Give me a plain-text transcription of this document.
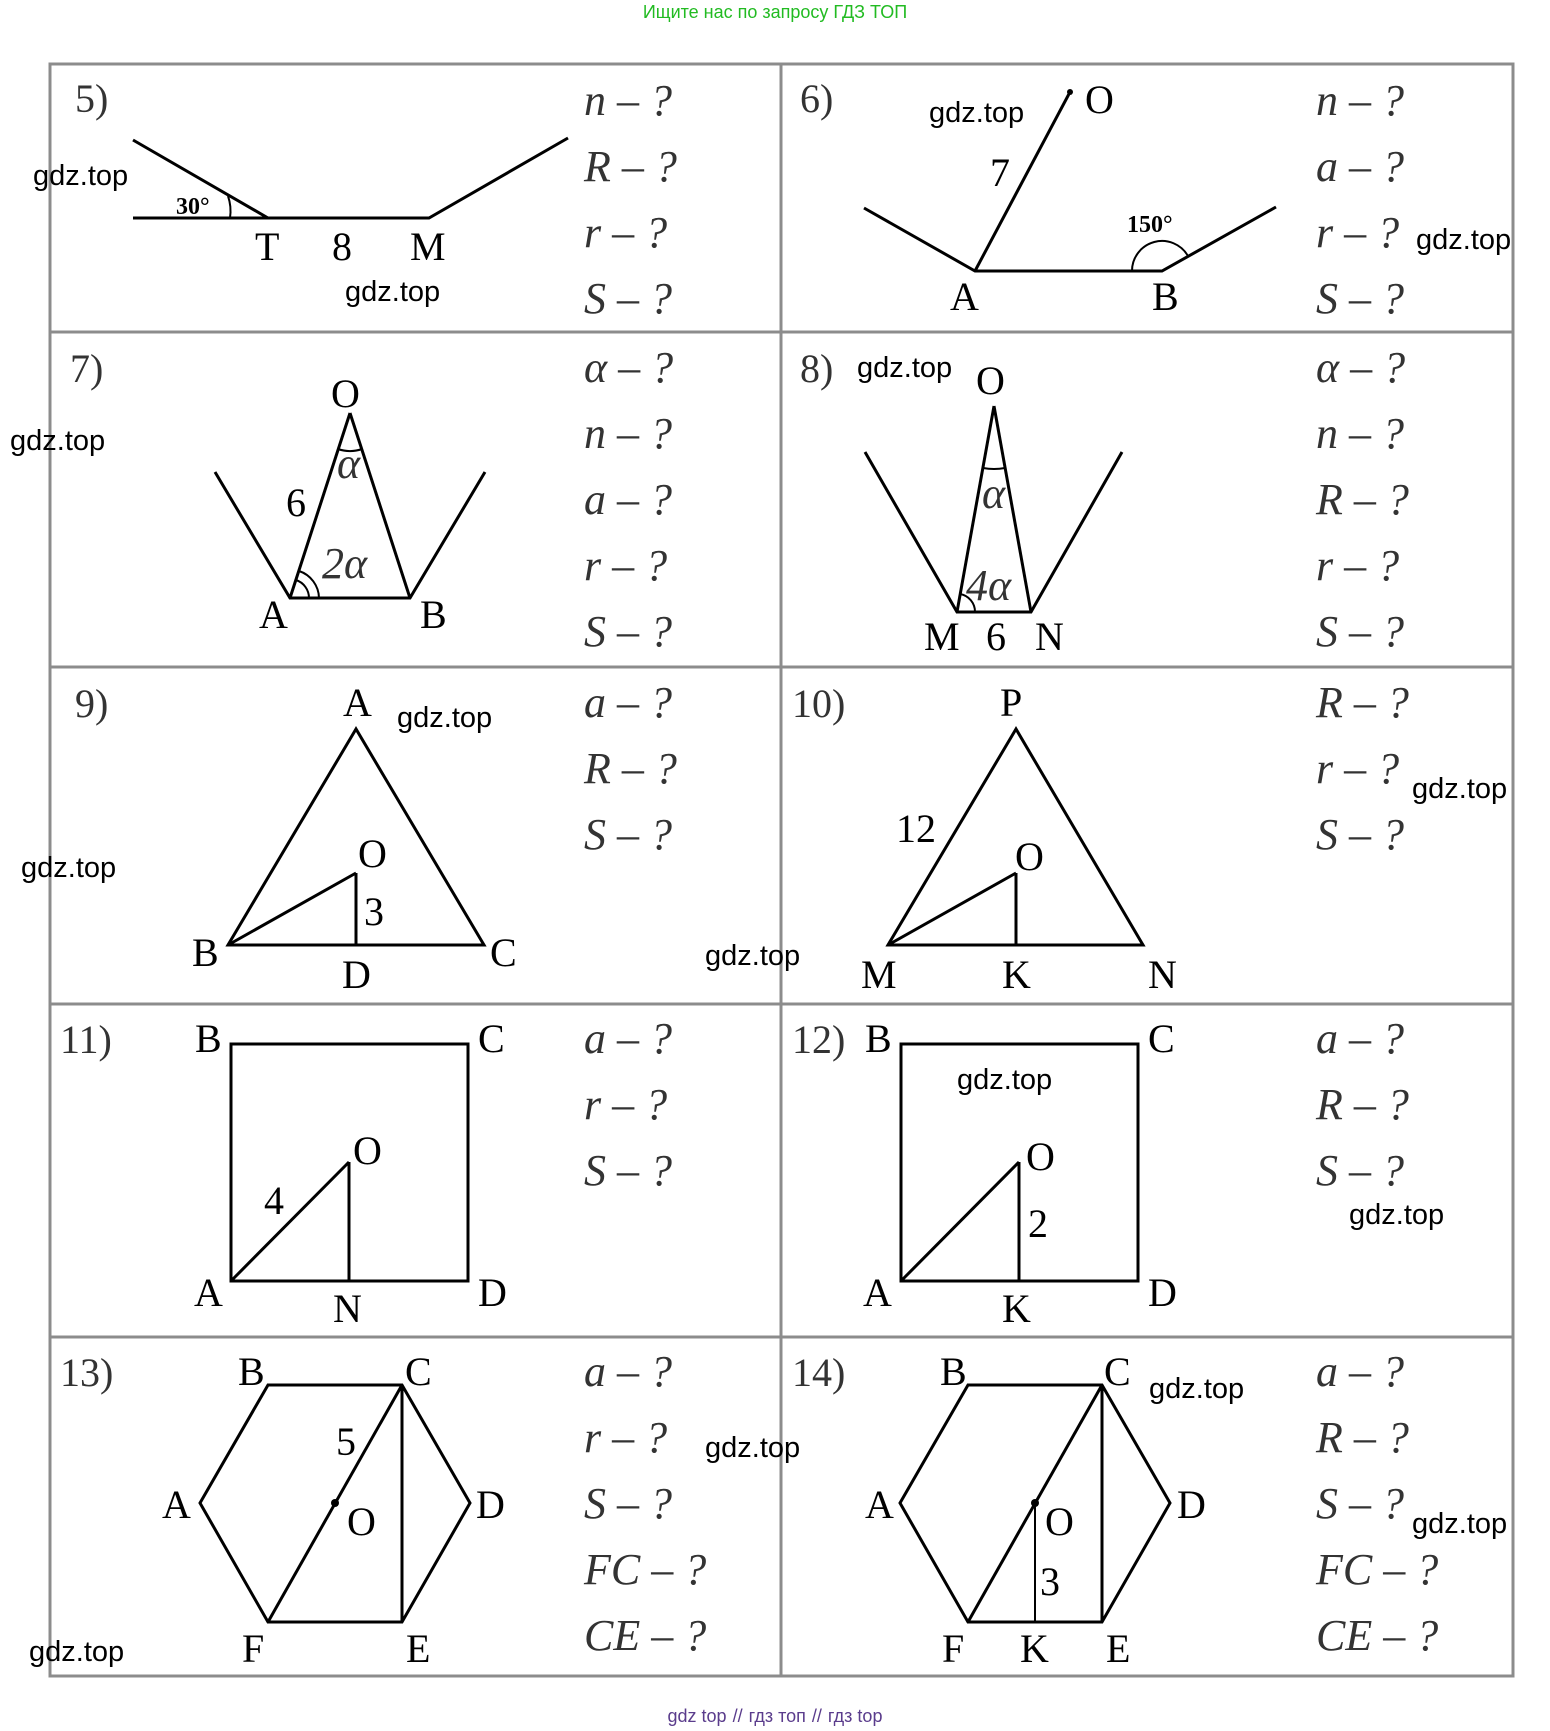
Ищите нас по запросу ГДЗ ТОП
5)
30°
T 8 M
n – ?
R – ?
r – ?
S – ?
6)	O
7
150°
A	B
n – ?
a – ?
r – ?
S – ?
7)
O
α
6
2α
A	B
α – ?
n – ?
a – ?
r – ?
S – ?
8)	O
α
4α
M 6 N
α – ?
n – ?
R – ?
r – ?
S – ?
9)	A
O
3
B	C
D
a – ?
R – ?
S – ?
10)	P
12
O
M	K	N
R – ?
r – ?
S – ?
11) B	C
O
4
A	N	D
a – ?
r – ?
S – ?
12) B	C
O
2
A	K	D
a – ?
R – ?
S – ?
13)	B	C
5
A	O	D
F	E
a – ?
r – ?
S – ?
FC – ?
CE – ?
14) B	C
A	O	D
3
F K E
a – ?
R – ?
S – ?
FC – ?
CE – ?
gdz.top
gdz.top
gdz.top
gdz.top
gdz.top
gdz.top
gdz.top
gdz.top
gdz.top
gdz.top
gdz.top
gdz.top
gdz.top
gdz.top
gdz.top
gdz.top
gdz top // гдз топ // гдз top
